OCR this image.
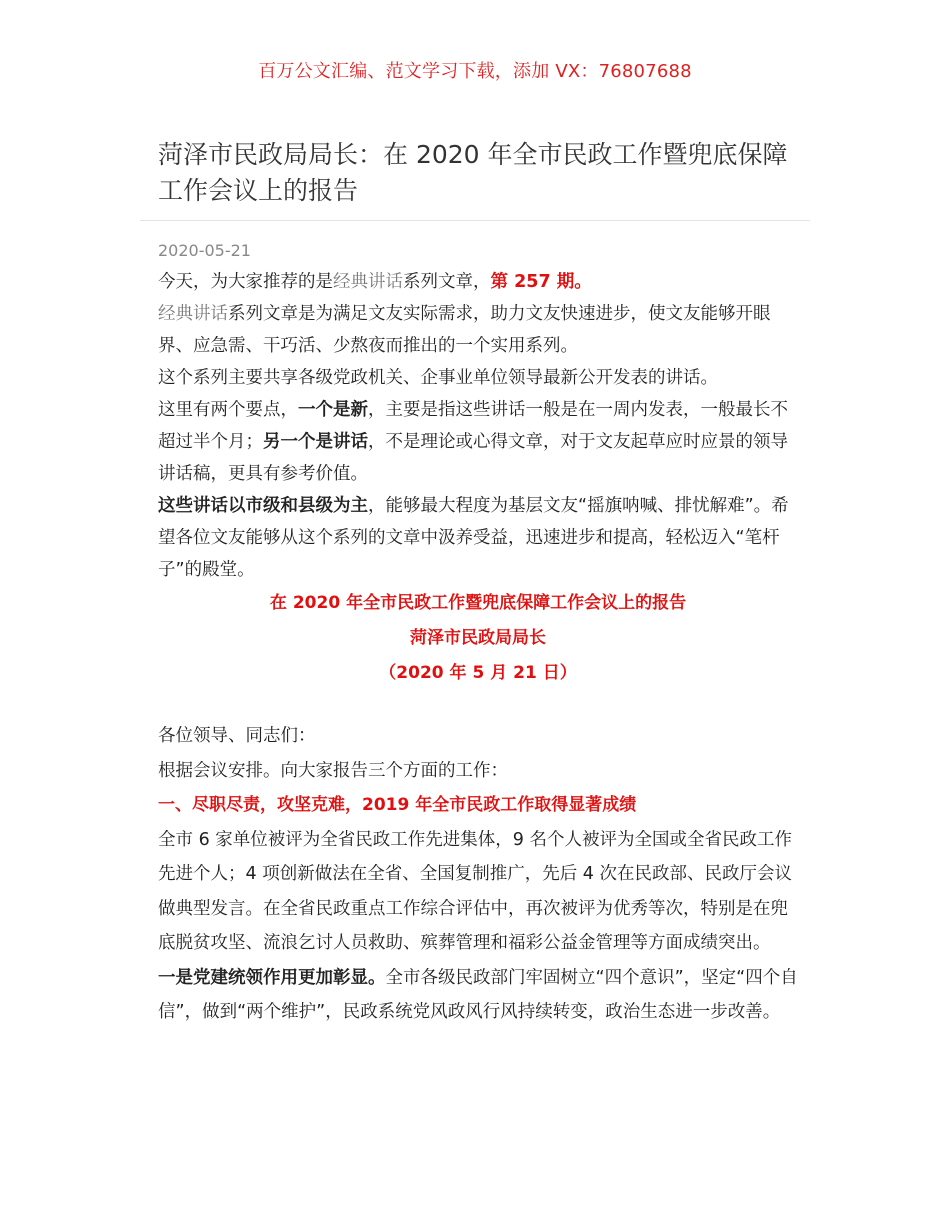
百万公文汇编、范文学习下载，添加 VX：76807688
菏泽市民政局局长：在 2020 年全市民政工作暨兜底保障工作会议上的报告

2020-05-21

今天，为大家推荐的是经典讲话系列文章，第 257 期。

经典讲话系列文章是为满足文友实际需求，助力文友快速进步，使文友能够开眼界、应急需、干巧活、少熬夜而推出的一个实用系列。

这个系列主要共享各级党政机关、企事业单位领导最新公开发表的讲话。

这里有两个要点，一个是新，主要是指这些讲话一般是在一周内发表，一般最长不超过半个月；另一个是讲话，不是理论或心得文章，对于文友起草应时应景的领导讲话稿，更具有参考价值。

这些讲话以市级和县级为主，能够最大程度为基层文友“摇旗呐喊、排忧解难”。希望各位文友能够从这个系列的文章中汲养受益，迅速进步和提高，轻松迈入“笔杆子”的殿堂。

在 2020 年全市民政工作暨兜底保障工作会议上的报告

菏泽市民政局局长

（2020 年 5 月 21 日）

各位领导、同志们：

根据会议安排。向大家报告三个方面的工作：

一、尽职尽责，攻坚克难，2019 年全市民政工作取得显著成绩

全市 6 家单位被评为全省民政工作先进集体，9 名个人被评为全国或全省民政工作先进个人；4 项创新做法在全省、全国复制推广，先后 4 次在民政部、民政厅会议做典型发言。在全省民政重点工作综合评估中，再次被评为优秀等次，特别是在兜底脱贫攻坚、流浪乞讨人员救助、殡葬管理和福彩公益金管理等方面成绩突出。

一是党建统领作用更加彰显。全市各级民政部门牢固树立“四个意识”，坚定“四个自信”，做到“两个维护”，民政系统党风政风行风持续转变，政治生态进一步改善。
